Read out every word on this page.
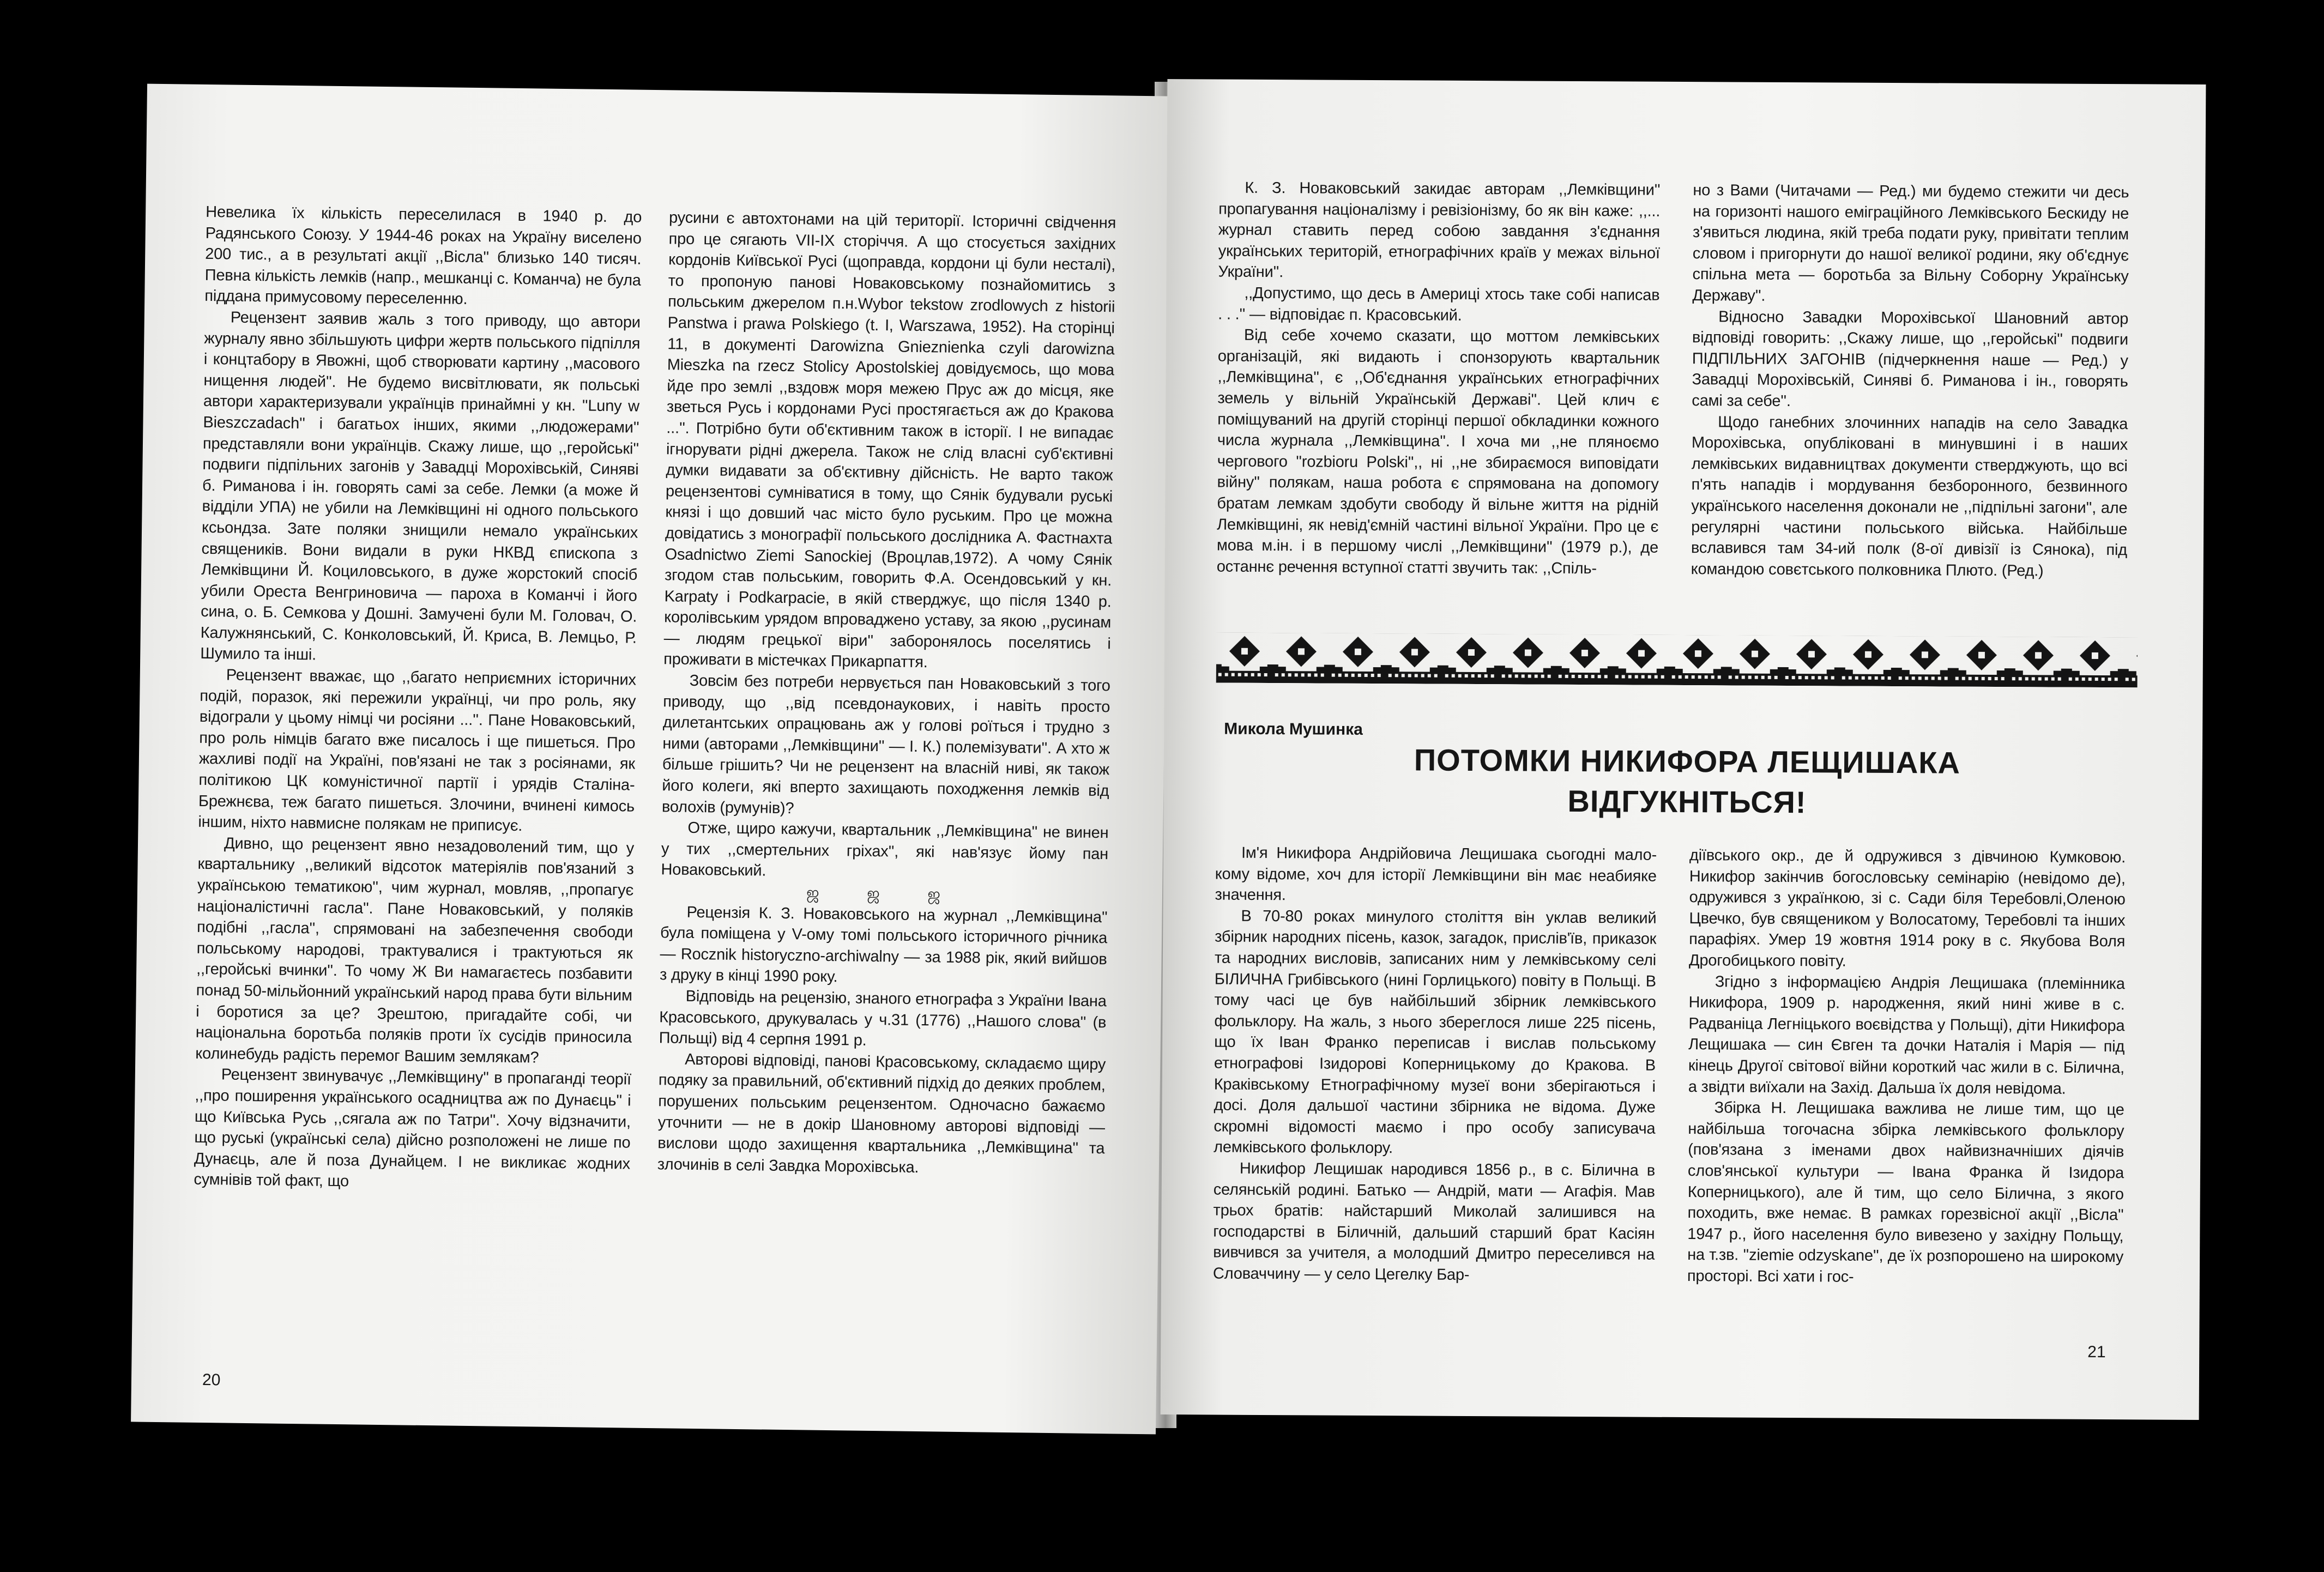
Невелика їх кількість переселилася в 1940 р. до Радянського Союзу. У 1944-46 роках на Україну виселено 200 тис., а в результаті акції ,,Вісла'' близько 140 тисяч. Певна кількість лемків (напр., мешканці с. Команча) не була піддана примусовому переселенню.

Рецензент заявив жаль з того приводу, що автори журналу явно збільшують цифри жертв польського підпілля і концтабору в Явожні, щоб створювати картину ,,масового нищення людей''. Не будемо висвітлювати, як польські автори характеризували українців принаймні у кн. ''Luny w Bieszczadach'' і багатьох інших, якими ,,людожерами'' представляли вони українців. Скажу лише, що ,,геройські'' подвиги підпільних загонів у Завадці Морохівській, Синяві б. Риманова і ін. говорять самі за себе. Лемки (а може й відділи УПА) не убили на Лемківщині ні одного польського ксьондза. Зате поляки знищили немало українських священиків. Вони видали в руки НКВД єпископа з Лемківщини Й. Коциловського, в дуже жорстокий спосіб убили Ореста Венгриновича — пароха в Команчі і його сина, о. Б. Семкова у Дошні. Замучені були М. Головач, О. Калужнянський, С. Конколовський, Й. Криса, В. Лемцьо, Р. Шумило та інші.

Рецензент вважає, що ,,багато неприємних історичних подій, поразок, які пережили українці, чи про роль, яку відограли у цьому німці чи росіяни ...''. Пане Новаковський, про роль німців багато вже писалось і ще пишеться. Про жахливі події на Україні, пов'язані не так з росіянами, як політикою ЦК комуністичної партії і урядів Сталіна-Брежнєва, теж багато пишеться. Злочини, вчинені кимось іншим, ніхто навмисне полякам не приписує.

Дивно, що рецензент явно незадоволений тим, що у квартальнику ,,великий відсоток матеріялів пов'язаний з українською тематикою'', чим журнал, мовляв, ,,пропагує націоналістичні гасла''. Пане Новаковський, у поляків подібні ,,гасла'', спрямовані на забезпечення свободи польському народові, трактувалися і трактуються як ,,геройські вчинки''. То чому Ж Ви намагаєтесь позбавити понад 50-мільйонний український народ права бути вільним і боротися за це? Зрештою, пригадайте собі, чи національна боротьба поляків проти їх сусідів приносила колинебудь радість перемог Вашим землякам?

Рецензент звинувачує ,,Лемківщину'' в пропаганді теорії ,,про поширення українського осадництва аж по Дунаєць'' і що Київська Русь ,,сягала аж по Татри''. Хочу відзначити, що руські (українські села) дійсно розположені не лише по Дунаєць, але й поза Дунайцем. І не викликає жодних сумнівів той факт, що

русини є автохтонами на цій території. Історичні свідчення про це сягають VII-IX сторіччя. А що стосується західних кордонів Київської Русі (щоправда, кордони ці були несталі), то пропоную панові Новаковському познайомитись з польським джерелом п.н.Wybor tekstow zrodlowych z historii Panstwa i prawa Polskiego (t. I, Warszawa, 1952). На сторінці 11, в документі Darowizna Gnieznienka czyli darowizna Mieszka na rzecz Stolicy Apostolskiej довідуємось, що мова йде про землі ,,вздовж моря межею Прус аж до місця, яке зветься Русь і кордонами Русі простягається аж до Кракова ...''. Потрібно бути об'єктивним також в історії. І не випадає ігнорувати рідні джерела. Також не слід власні суб'єктивні думки видавати за об'єктивну дійсність. Не варто також рецензентові сумніватися в тому, що Сянік будували руські князі і що довший час місто було руським. Про це можна довідатись з монографії польського дослідника А. Фастнахта Osadnictwo Ziemi Sanockiej (Вроцлав,1972). А чому Сянік згодом став польським, говорить Ф.А. Осендовський у кн. Karpaty і Podkarpacie, в якій стверджує, що після 1340 р. королівським урядом впроваджено уставу, за якою ,,русинам — людям грецької віри'' заборонялось поселятись і проживати в містечках Прикарпаття.

Зовсім без потреби нервується пан Новаковський з того приводу, що ,,від псевдонаукових, і навіть просто дилетантських опрацювань аж у голові роїться і трудно з ними (авторами ,,Лемківщини'' — І. К.) полемізувати''. А хто ж більше грішить? Чи не рецензент на власній ниві, як також його колеги, які вперто захищають походження лемків від волохів (румунів)?

Отже, щиро кажучи, квартальник ,,Лемківщина'' не винен у тих ,,смертельних гріхах'', які нав'язує йому пан Новаковський.

ஜ ஜ ஜ

Рецензія К. З. Новаковського на журнал ,,Лемківщина'' була поміщена у V-ому томі польського історичного річника — Rocznik historyczno-archiwalny — за 1988 рік, який вийшов з друку в кінці 1990 року.

Відповідь на рецензію, знаного етнографа з України Івана Красовського, друкувалась у ч.31 (1776) ,,Нашого слова'' (в Польщі) від 4 серпня 1991 р.

Авторові відповіді, панові Красовському, складаємо щиру подяку за правильний, об'єктивний підхід до деяких проблем, порушених польським рецензентом. Одночасно бажаємо уточнити — не в докір Шановному авторові відповіді — вислови щодо захищення квартальника ,,Лемківщина'' та злочинів в селі Завдка Морохівська.

20

К. З. Новаковський закидає авторам ,,Лемківщини'' пропагування націоналізму і ревізіонізму, бо як він каже: ,,... журнал ставить перед собою завдання з'єднання українських територій, етнографічних країв у межах вільної України''.

,,Допустимо, що десь в Америці хтось таке собі написав . . .'' — відповідає п. Красовський.

Від себе хочемо сказати, що моттом лемківських організацій, які видають і спонзорують квартальник ,,Лемківщина'', є ,,Об'єднання українських етнографічних земель у вільній Українській Державі''. Цей клич є поміщуваний на другій сторінці першої обкладинки кожного числа журнала ,,Лемківщина''. І хоча ми ,,не пляноємо чергового ''rozbioru Polski'',, ні ,,не збираємося виповідати війну'' полякам, наша робота є спрямована на допомогу братам лемкам здобути свободу й вільне життя на рідній Лемківщині, як невід'ємній частині вільної України. Про це є мова м.ін. і в першому числі ,,Лемківщини'' (1979 р.), де останнє речення вступної статті звучить так: ,,Спіль-

но з Вами (Читачами — Ред.) ми будемо стежити чи десь на горизонті нашого еміграційного Лемківського Бескиду не з'явиться людина, якій треба подати руку, привітати теплим словом і пригорнути до нашої великої родини, яку об'єднує спільна мета — боротьба за Вільну Соборну Українську Державу''.

Відносно Завадки Морохівської Шановний автор відповіді говорить: ,,Скажу лише, що ,,геройські'' подвиги ПІДПІЛЬНИХ ЗАГОНІВ (підчеркнення наше — Ред.) у Завадці Морохівській, Синяві б. Риманова і ін., говорять самі за себе''.

Щодо ганебних злочинних нападів на село Завадка Морохівська, опубліковані в минувшині і в наших лемківських видавництвах документи стверджують, що всі п'ять нападів і мордування безборонного, безвинного українського населення доконали не ,,підпільні загони'', але регулярні частини польського війська. Найбільше вславився там 34-ий полк (8-ої дивізії із Сянока), під командою совєтського полковника Плютo. (Ред.)

Микола Мушинка
ПОТОМКИ НИКИФОРА ЛЕЩИШАКА
ВІДГУКНІТЬСЯ!

Ім'я Никифора Андрійовича Лещишака сьогодні мало-кому відоме, хоч для історії Лемківщини він має неабияке значення.

В 70-80 роках минулого століття він уклав великий збірник народних пісень, казок, загадок, прислів'їв, приказок та народних висловів, записаних ним у лемківському селі БІЛИЧНА Грибівського (нині Горлицького) повіту в Польщі. В тому часі це був найбільший збірник лемківського фольклору. На жаль, з нього збереглося лише 225 пісень, що їх Іван Франко переписав і вислав польському етнографові Ізидорові Коперницькому до Кракова. В Краківському Етнографічному музеї вони зберігаються і досі. Доля дальшої частини збірника не відома. Дуже скромні відомості маємо і про особу записувача лемківського фольклору.

Никифор Лещишак народився 1856 р., в с. Білична в селянській родині. Батько — Андрій, мати — Агафія. Мав трьох братів: найстарший Миколай залишився на господарстві в Біличній, дальший старший брат Касіян вивчився за учителя, а молодший Дмитро переселився на Словаччину — у село Цегелку Бар-

діївського окр., де й одружився з дівчиною Кумковою. Никифор закінчив богословську семінарію (невідомо де), одружився з українкою, зі с. Сади біля Теребовлі,Оленою Цвечко, був священиком у Волосатому, Теребовлі та інших парафіях. Умер 19 жовтня 1914 року в с. Якубова Воля Дрогобицького повіту.

Згідно з інформацією Андрія Лещишака (племінника Никифора, 1909 р. народження, який нині живе в с. Радваніца Легніцького воєвідства у Польщі), діти Никифора Лещишака — син Євген та дочки Наталія і Марія — під кінець Другої світової війни короткий час жили в с. Білична, а звідти виїхали на Захід. Дальша їх доля невідома.

Збірка Н. Лещишака важлива не лише тим, що це найбільша тогочасна збірка лемківського фольклору (пов'язана з іменами двох найвизначніших діячів слов'янської культури — Івана Франка й Ізидора Коперницького), але й тим, що село Білична, з якого походить, вже немає. В рамках горезвісної акції ,,Вісла'' 1947 р., його населення було вивезено у західну Польщу, на т.зв. ''ziemie odzyskane'', де їх розпорошено на широкому просторі. Всі хати і гос-

21
